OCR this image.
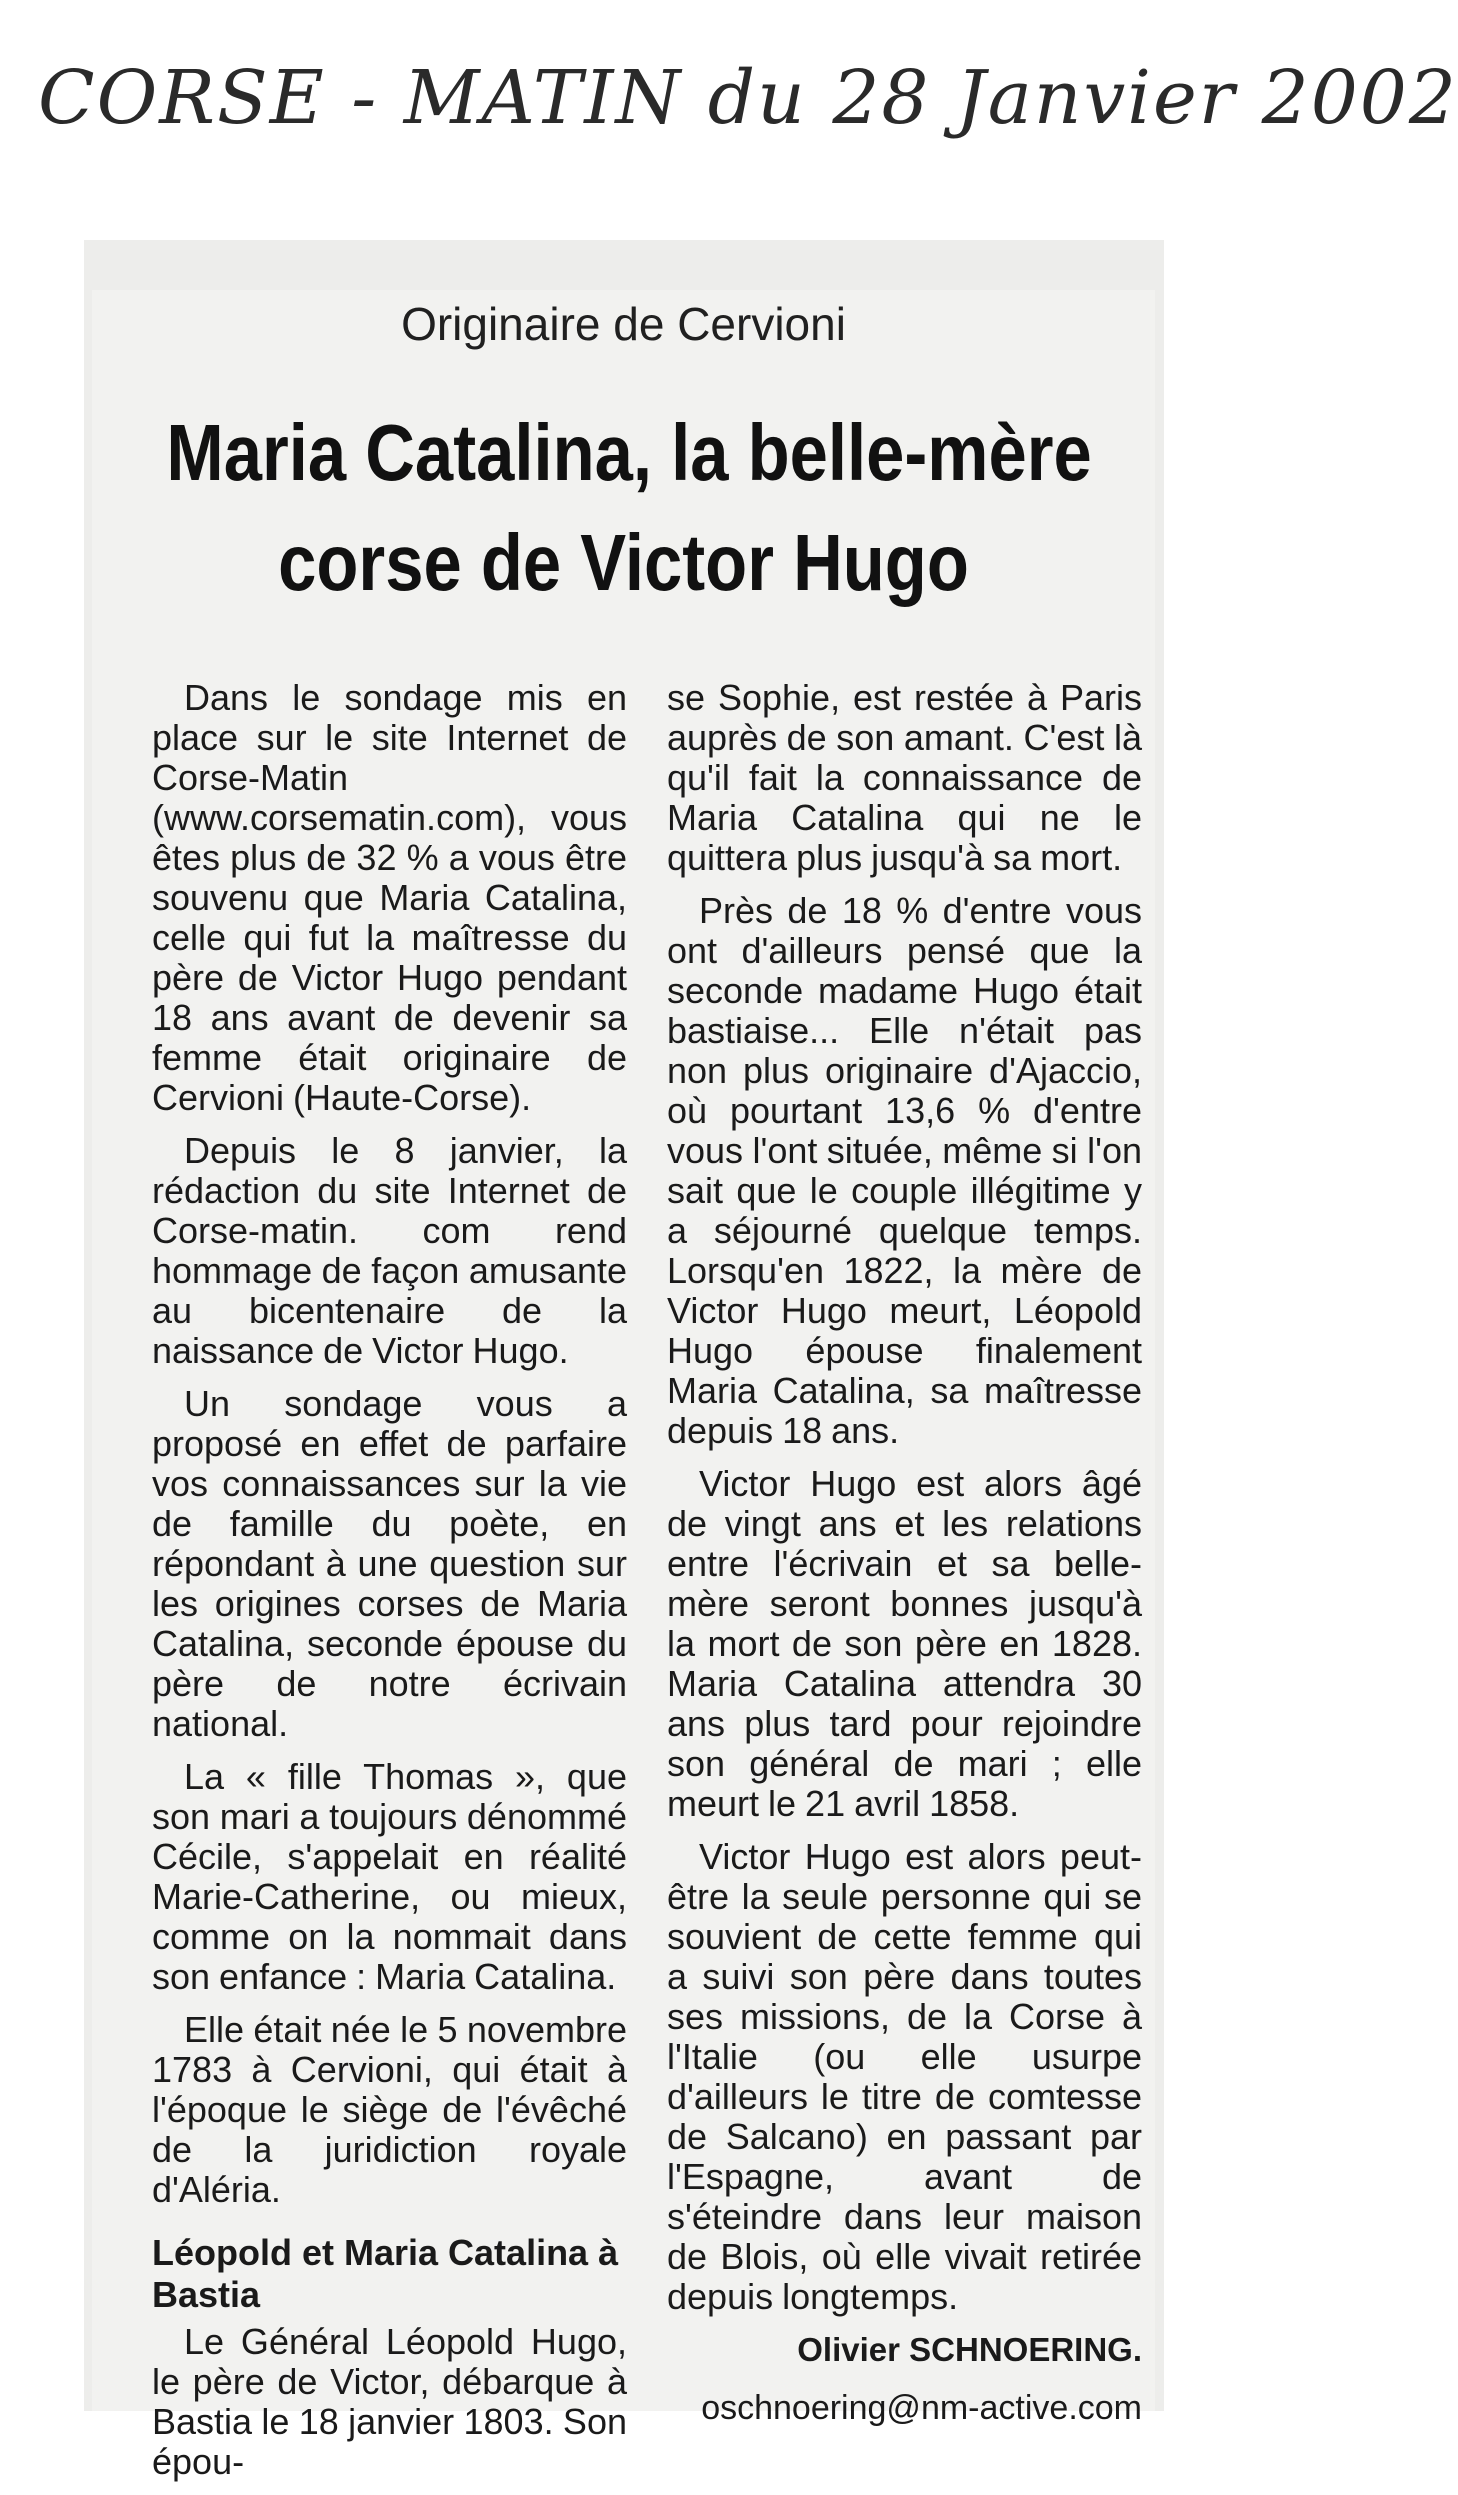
CORSE - MATIN du 28 Janvier 2002
Originaire de Cervioni
Maria Catalina, la belle-mère
corse de Victor Hugo

Dans le sondage mis en place sur le site Internet de Corse-Matin (www.corsematin.com), vous êtes plus de 32 % a vous être souvenu que Maria Catalina, celle qui fut la maîtresse du père de Victor Hugo pendant 18 ans avant de devenir sa femme était originaire de Cervioni (Haute-Corse).

Depuis le 8 janvier, la rédaction du site Internet de Corse-matin. com rend hommage de façon amusante au bicentenaire de la naissance de Victor Hugo.

Un sondage vous a proposé en effet de parfaire vos connaissances sur la vie de famille du poète, en répondant à une question sur les origines corses de Maria Catalina, seconde épouse du père de notre écrivain national.

La « fille Thomas », que son mari a toujours dénommé Cécile, s'appelait en réalité Marie-Catherine, ou mieux, comme on la nommait dans son enfance : Maria Catalina.

Elle était née le 5 novembre 1783 à Cervioni, qui était à l'époque le siège de l'évêché de la juridiction royale d'Aléria.

Léopold et Maria Catalina à Bastia

Le Général Léopold Hugo, le père de Victor, débarque à Bastia le 18 janvier 1803. Son épou-

se Sophie, est restée à Paris auprès de son amant. C'est là qu'il fait la connaissance de Maria Catalina qui ne le quittera plus jusqu'à sa mort.

Près de 18 % d'entre vous ont d'ailleurs pensé que la seconde madame Hugo était bastiaise... Elle n'était pas non plus originaire d'Ajaccio, où pourtant 13,6 % d'entre vous l'ont située, même si l'on sait que le couple illégitime y a séjourné quelque temps. Lorsqu'en 1822, la mère de Victor Hugo meurt, Léopold Hugo épouse finalement Maria Catalina, sa maîtresse depuis 18 ans.

Victor Hugo est alors âgé de vingt ans et les relations entre l'écrivain et sa belle-mère seront bonnes jusqu'à la mort de son père en 1828. Maria Catalina attendra 30 ans plus tard pour rejoindre son général de mari ; elle meurt le 21 avril 1858.

Victor Hugo est alors peut-être la seule personne qui se souvient de cette femme qui a suivi son père dans toutes ses missions, de la Corse à l'Italie (ou elle usurpe d'ailleurs le titre de comtesse de Salcano) en passant par l'Espagne, avant de s'éteindre dans leur maison de Blois, où elle vivait retirée depuis longtemps.

Olivier SCHNOERING.
oschnoering@nm-active.com
